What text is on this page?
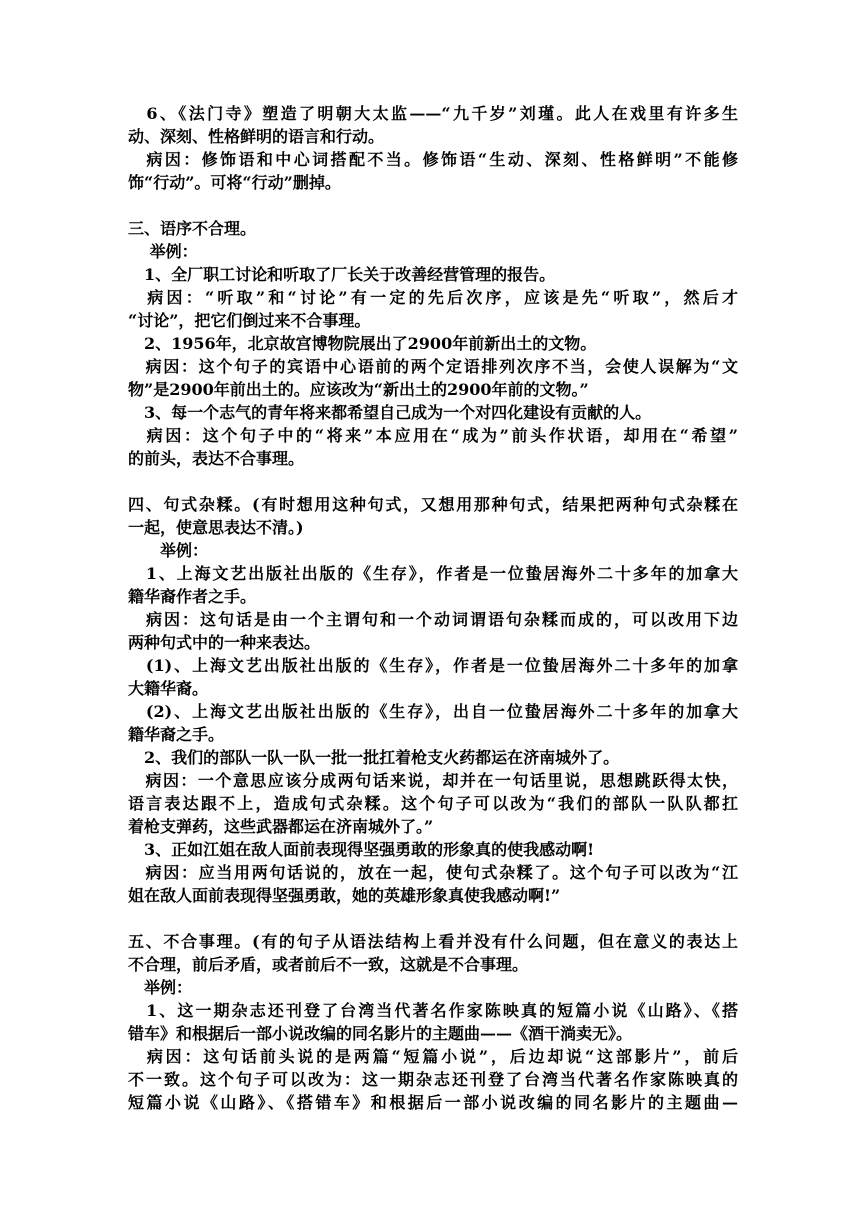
　6、《法门寺》塑造了明朝大太监——“九千岁”刘瑾。此人在戏里有许多生
动、深刻、性格鲜明的语言和行动。
　病因：修饰语和中心词搭配不当。修饰语“生动、深刻、性格鲜明”不能修
饰“行动”。可将“行动”删掉。
三、语序不合理。
　 举例：
　1、全厂职工讨论和听取了厂长关于改善经营管理的报告。
　病因：“听取”和“讨论”有一定的先后次序，应该是先“听取”，然后才
“讨论”，把它们倒过来不合事理。
　2、1956年，北京故宫博物院展出了2900年前新出土的文物。
　病因：这个句子的宾语中心语前的两个定语排列次序不当，会使人误解为“文
物”是2900年前出土的。应该改为“新出土的2900年前的文物。”
　3、每一个志气的青年将来都希望自己成为一个对四化建设有贡献的人。
　病因：这个句子中的“将来”本应用在“成为”前头作状语，却用在“希望”
的前头，表达不合事理。
四、句式杂糅。(有时想用这种句式，又想用那种句式，结果把两种句式杂糅在
一起，使意思表达不清。)
　　举例：
　1、上海文艺出版社出版的《生存》，作者是一位蛰居海外二十多年的加拿大
籍华裔作者之手。
　病因：这句话是由一个主谓句和一个动词谓语句杂糅而成的，可以改用下边
两种句式中的一种来表达。
　(1)、上海文艺出版社出版的《生存》，作者是一位蛰居海外二十多年的加拿
大籍华裔。
　(2)、上海文艺出版社出版的《生存》，出自一位蛰居海外二十多年的加拿大
籍华裔之手。
　2、我们的部队一队一队一批一批扛着枪支火药都运在济南城外了。
　病因：一个意思应该分成两句话来说，却并在一句话里说，思想跳跃得太快，
语言表达跟不上，造成句式杂糅。这个句子可以改为“我们的部队一队队都扛
着枪支弹药，这些武器都运在济南城外了。”
　3、正如江姐在敌人面前表现得坚强勇敢的形象真的使我感动啊!
　病因：应当用两句话说的，放在一起，使句式杂糅了。这个句子可以改为“江
姐在敌人面前表现得坚强勇敢，她的英雄形象真使我感动啊!”
五、不合事理。(有的句子从语法结构上看并没有什么问题，但在意义的表达上
不合理，前后矛盾，或者前后不一致，这就是不合事理。
　举例：
　1、这一期杂志还刊登了台湾当代著名作家陈映真的短篇小说《山路》、《搭
错车》和根据后一部小说改编的同名影片的主题曲——《酒干淌卖无》。
　病因：这句话前头说的是两篇“短篇小说”，后边却说“这部影片”，前后
不一致。这个句子可以改为：这一期杂志还刊登了台湾当代著名作家陈映真的
短篇小说《山路》、《搭错车》和根据后一部小说改编的同名影片的主题曲—
